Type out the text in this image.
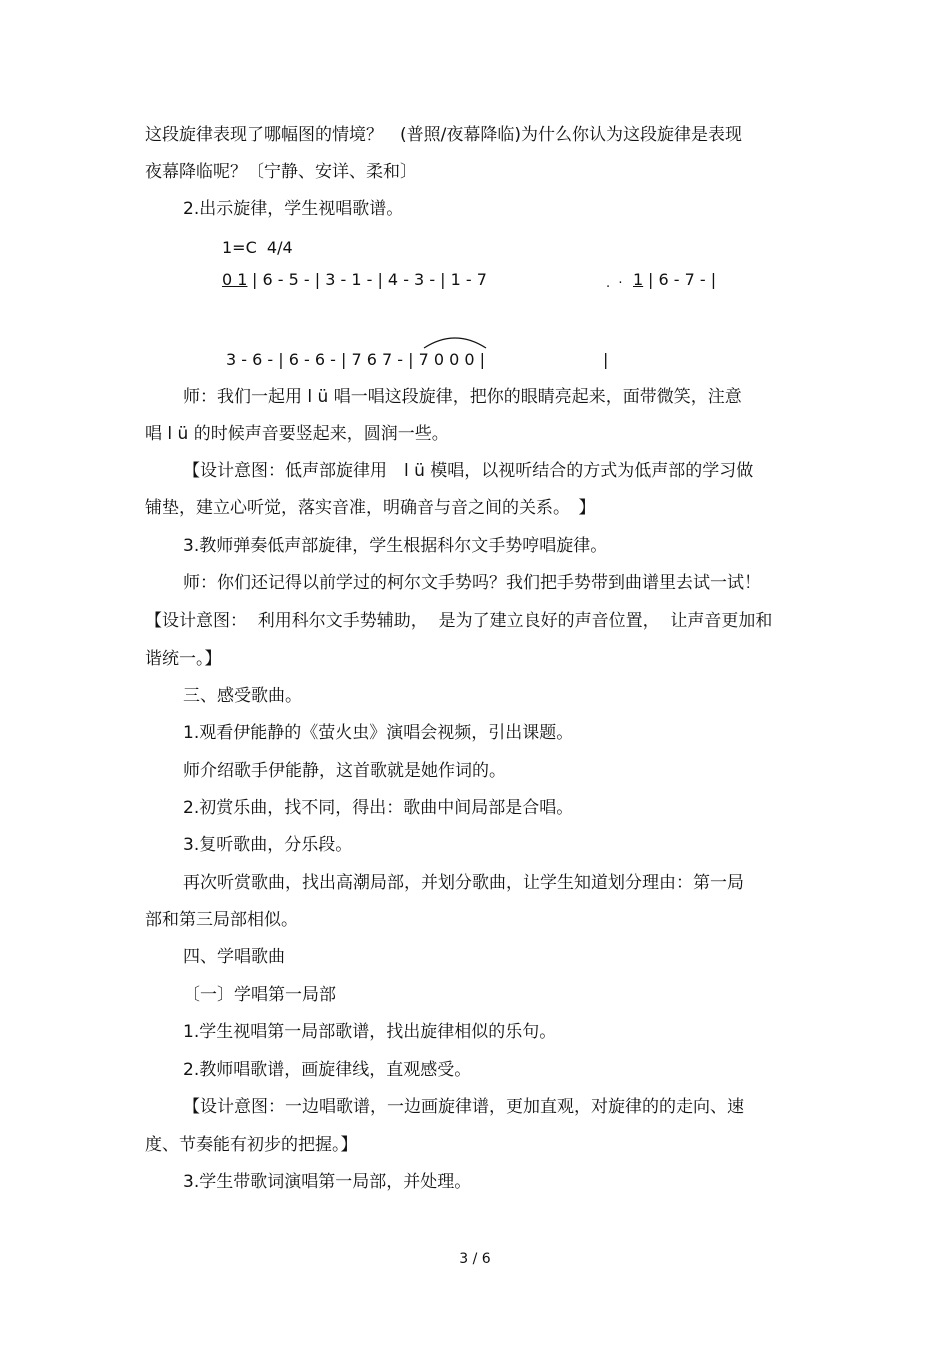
这段旋律表现了哪幅图的情境？　(普照/夜幕降临)为什么你认为这段旋律是表现
夜幕降临呢？〔宁静、安详、柔和〕
2.出示旋律，学生视唱歌谱。
1=C  4/4
0 1 | 6 - 5 - | 3 - 1 - | 4 - 3 - | 1 - 7	.  · 1 | 6 - 7 - |
3 - 6 - | 6 - 6 - | 7 6 7 - | 7 0 0 0 |	|
师：我们一起用 l ü 唱一唱这段旋律，把你的眼睛亮起来，面带微笑，注意
唱 l ü 的时候声音要竖起来，圆润一些。
【设计意图：低声部旋律用　l ü 模唱，以视听结合的方式为低声部的学习做
铺垫，建立心听觉，落实音准，明确音与音之间的关系。　】
3.教师弹奏低声部旋律，学生根据科尔文手势哼唱旋律。
师：你们还记得以前学过的柯尔文手势吗？我们把手势带到曲谱里去试一试！
【设计意图：  利用科尔文手势辅助，  是为了建立良好的声音位置，  让声音更加和
谐统一。】
三、感受歌曲。
1.观看伊能静的《萤火虫》演唱会视频，引出课题。
师介绍歌手伊能静，这首歌就是她作词的。
2.初赏乐曲，找不同，得出：歌曲中间局部是合唱。
3.复听歌曲，分乐段。
再次听赏歌曲，找出高潮局部，并划分歌曲，让学生知道划分理由：第一局
部和第三局部相似。
四、学唱歌曲
〔一〕学唱第一局部
1.学生视唱第一局部歌谱，找出旋律相似的乐句。
2.教师唱歌谱，画旋律线，直观感受。
【设计意图：一边唱歌谱，一边画旋律谱，更加直观，对旋律的的走向、速
度、节奏能有初步的把握。】
3.学生带歌词演唱第一局部，并处理。
3 / 6
